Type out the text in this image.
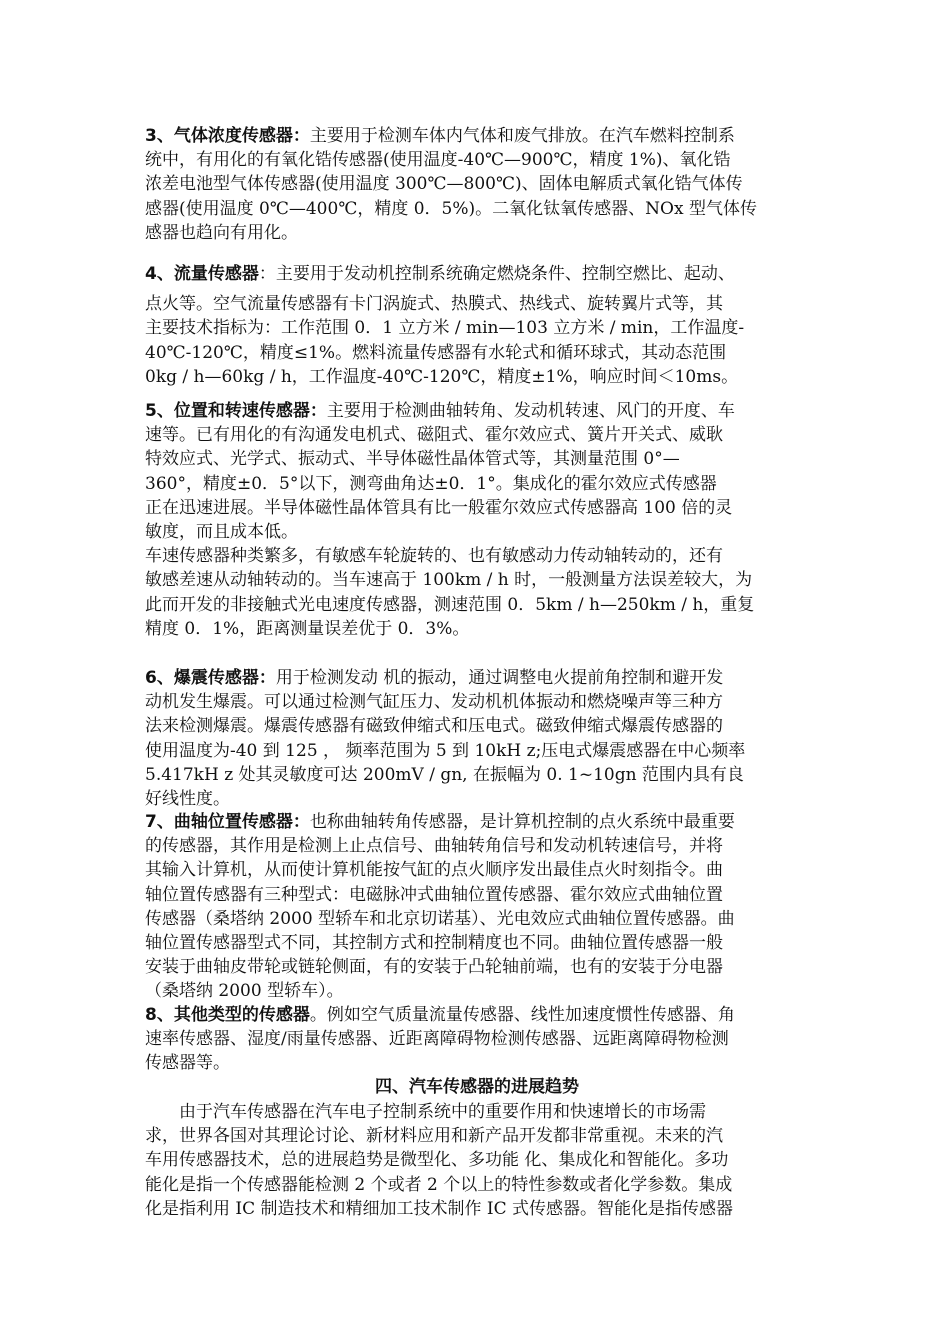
3、气体浓度传感器：主要用于检测车体内气体和废气排放。在汽车燃料控制系
统中，有用化的有氧化锆传感器(使用温度-40℃—900℃，精度 1%)、氧化锆
浓差电池型气体传感器(使用温度 300℃—800℃)、固体电解质式氧化锆气体传
感器(使用温度 0℃—400℃，精度 0．5%)。二氧化钛氧传感器、NOx 型气体传
感器也趋向有用化。
4、流量传感器：主要用于发动机控制系统确定燃烧条件、控制空燃比、起动、
点火等。空气流量传感器有卡门涡旋式、热膜式、热线式、旋转翼片式等，其
主要技术指标为：工作范围 0．1 立方米 / min—103 立方米 / min，工作温度-
40℃-120℃，精度≤1%。燃料流量传感器有水轮式和循环球式，其动态范围
0kg / h—60kg / h，工作温度-40℃-120℃，精度±1%，响应时间＜10ms。
5、位置和转速传感器：主要用于检测曲轴转角、发动机转速、风门的开度、车
速等。已有用化的有沟通发电机式、磁阻式、霍尔效应式、簧片开关式、威耿
特效应式、光学式、振动式、半导体磁性晶体管式等，其测量范围 0°—
360°，精度±0．5°以下，测弯曲角达±0．1°。集成化的霍尔效应式传感器
正在迅速进展。半导体磁性晶体管具有比一般霍尔效应式传感器高 100 倍的灵
敏度，而且成本低。
车速传感器种类繁多，有敏感车轮旋转的、也有敏感动力传动轴转动的，还有
敏感差速从动轴转动的。当车速高于 100km / h 时，一般测量方法误差较大，为
此而开发的非接触式光电速度传感器，测速范围 0．5km / h—250km / h，重复
精度 0．1%，距离测量误差优于 0．3%。
6、爆震传感器：用于检测发动 机的振动，通过调整电火提前角控制和避开发
动机发生爆震。可以通过检测气缸压力、发动机机体振动和燃烧噪声等三种方
法来检测爆震。爆震传感器有磁致伸缩式和压电式。磁致伸缩式爆震传感器的
使用温度为-40 到 125 ， 频率范围为 5 到 10kH z;压电式爆震感器在中心频率
5.417kH z 处其灵敏度可达 200mV / gn, 在振幅为 0. 1~10gn 范围内具有良
好线性度。
7、曲轴位置传感器：也称曲轴转角传感器，是计算机控制的点火系统中最重要
的传感器，其作用是检测上止点信号、曲轴转角信号和发动机转速信号，并将
其输入计算机，从而使计算机能按气缸的点火顺序发出最佳点火时刻指令。曲
轴位置传感器有三种型式：电磁脉冲式曲轴位置传感器、霍尔效应式曲轴位置
传感器（桑塔纳 2000 型轿车和北京切诺基）、光电效应式曲轴位置传感器。曲
轴位置传感器型式不同，其控制方式和控制精度也不同。曲轴位置传感器一般
安装于曲轴皮带轮或链轮侧面，有的安装于凸轮轴前端，也有的安装于分电器
（桑塔纳 2000 型轿车）。
8、其他类型的传感器。例如空气质量流量传感器、线性加速度惯性传感器、角
速率传感器、湿度/雨量传感器、近距离障碍物检测传感器、远距离障碍物检测
传感器等。
四、汽车传感器的进展趋势
由于汽车传感器在汽车电子控制系统中的重要作用和快速增长的市场需
求，世界各国对其理论讨论、新材料应用和新产品开发都非常重视。未来的汽
车用传感器技术，总的进展趋势是微型化、多功能 化、集成化和智能化。多功
能化是指一个传感器能检测 2 个或者 2 个以上的特性参数或者化学参数。集成
化是指利用 IC 制造技术和精细加工技术制作 IC 式传感器。智能化是指传感器
